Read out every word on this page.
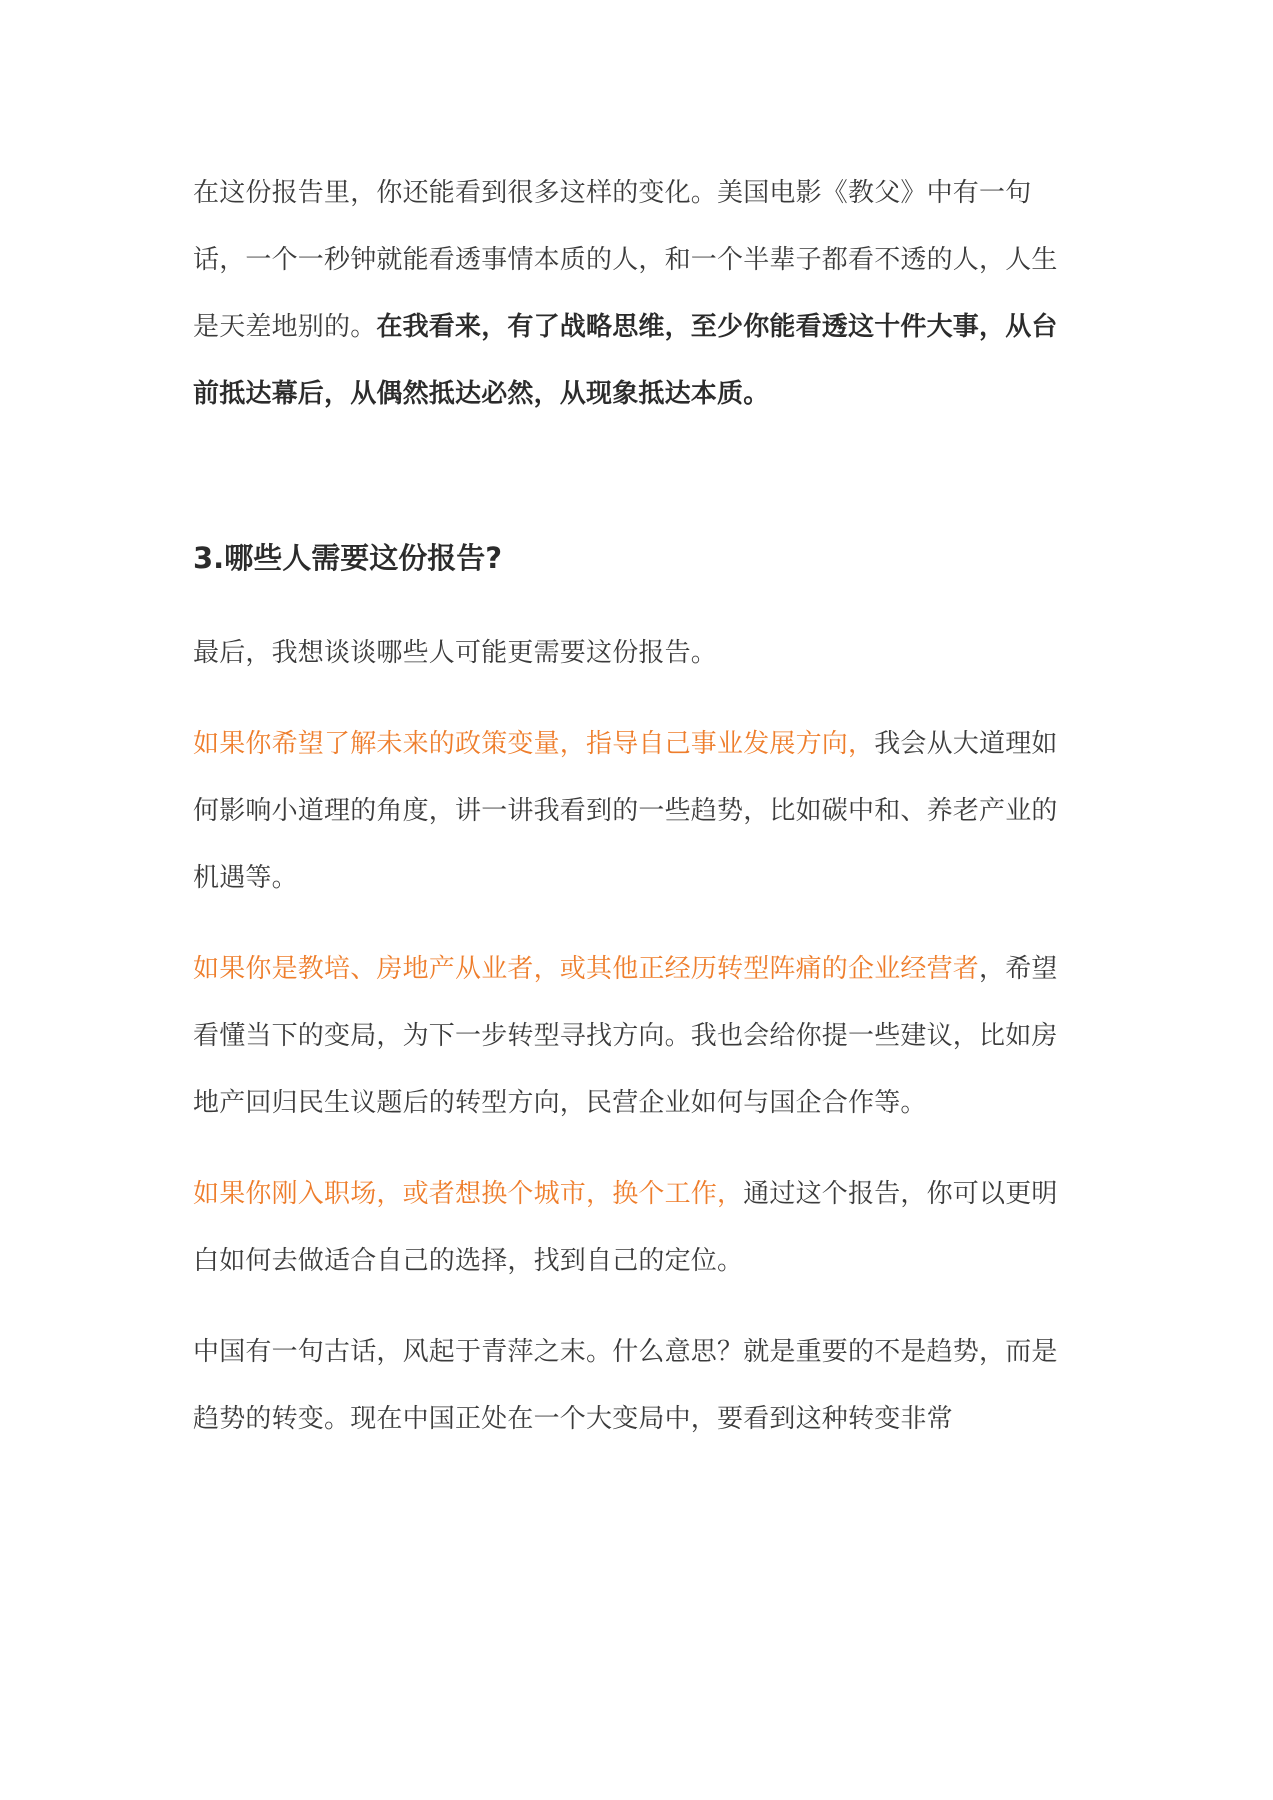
在这份报告里，你还能看到很多这样的变化。美国电影《教父》中有一句话，一个一秒钟就能看透事情本质的人，和一个半辈子都看不透的人，人生是天差地别的。在我看来，有了战略思维，至少你能看透这十件大事，从台前抵达幕后，从偶然抵达必然，从现象抵达本质。

3.哪些人需要这份报告?

最后，我想谈谈哪些人可能更需要这份报告。

如果你希望了解未来的政策变量，指导自己事业发展方向，我会从大道理如何影响小道理的角度，讲一讲我看到的一些趋势，比如碳中和、养老产业的机遇等。

如果你是教培、房地产从业者，或其他正经历转型阵痛的企业经营者，希望看懂当下的变局，为下一步转型寻找方向。我也会给你提一些建议，比如房地产回归民生议题后的转型方向，民营企业如何与国企合作等。

如果你刚入职场，或者想换个城市，换个工作，通过这个报告，你可以更明白如何去做适合自己的选择，找到自己的定位。

中国有一句古话，风起于青萍之末。什么意思？就是重要的不是趋势，而是趋势的转变。现在中国正处在一个大变局中，要看到这种转变非常
